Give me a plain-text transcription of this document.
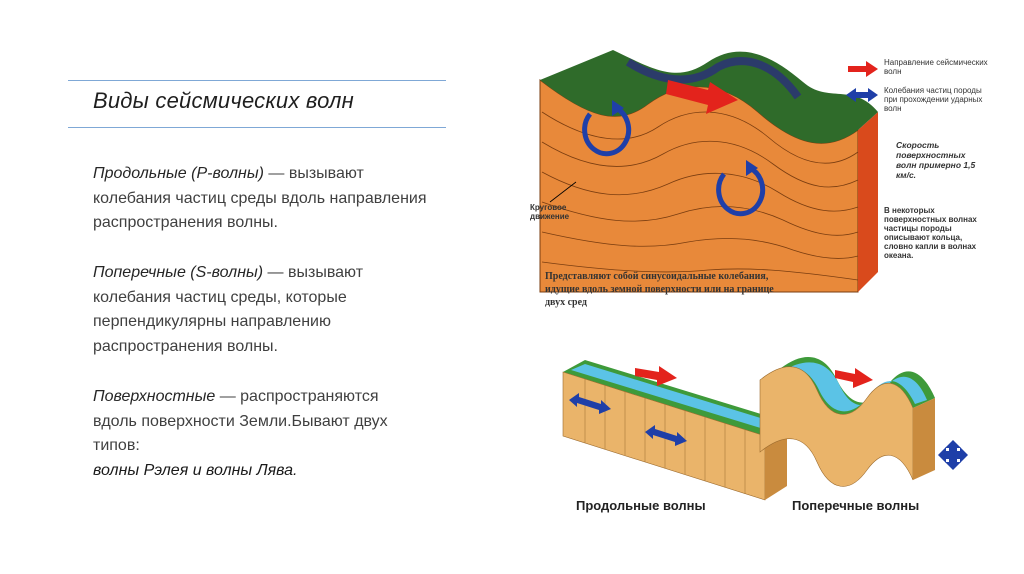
Виды сейсмических волн
Продольные (P-волны) — вызывают колебания частиц среды вдоль направления распространения волны.
Поперечные (S-волны) — вызывают колебания частиц среды, которые перпендикулярны направлению распространения волны.
Поверхностные — распространяются вдоль поверхности Земли.Бывают двух типов:
волны Рэлея и волны Лява.
Направление сейсмических волн
Колебания частиц породы при прохождении ударных волн
Скорость поверхностных волн примерно 1,5 км/с.
В некоторых поверхностных волнах частицы породы описывают кольца, словно капли в волнах океана.
Круговое движение
Представляют собой синусоидальные колебания, идущие вдоль земной поверхности или на границе двух сред
Продольные волны	Поперечные волны
